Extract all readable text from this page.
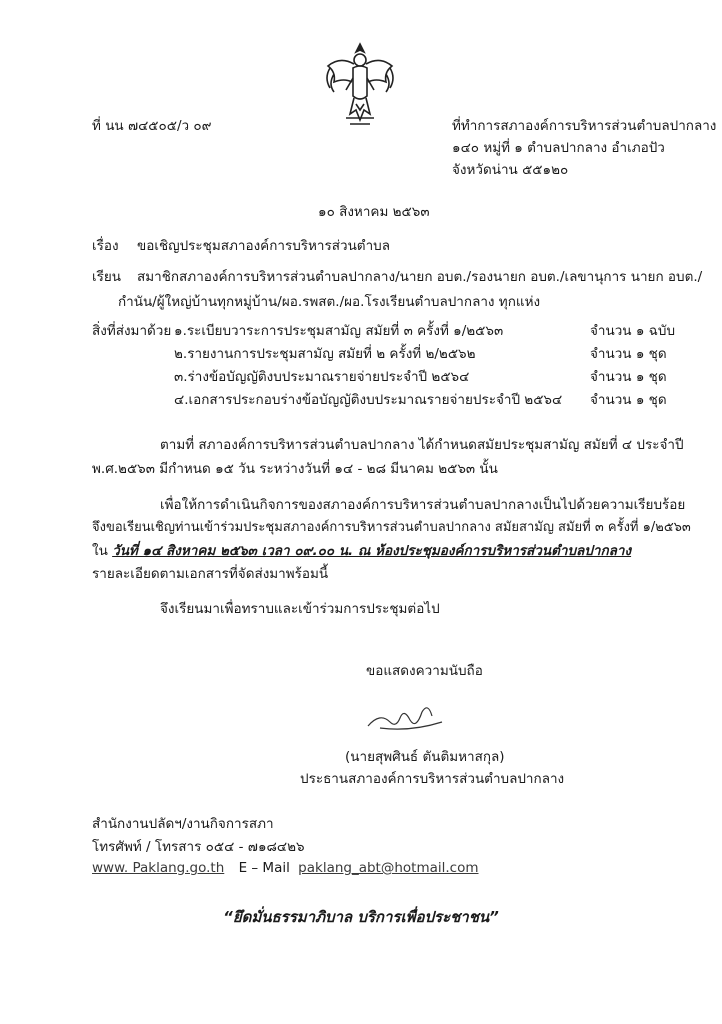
ที่ นน ๗๔๕๐๕/ว ๐๙	ที่ทำการสภาองค์การบริหารส่วนตำบลปากลาง
๑๔๐ หมู่ที่ ๑ ตำบลปากลาง อำเภอปัว
จังหวัดน่าน ๕๕๑๒๐
๑๐ สิงหาคม ๒๕๖๓
เรื่อง ขอเชิญประชุมสภาองค์การบริหารส่วนตำบล
เรียน สมาชิกสภาองค์การบริหารส่วนตำบลปากลาง/นายก อบต./รองนายก อบต./เลขานุการ นายก อบต./
กำนัน/ผู้ใหญ่บ้านทุกหมู่บ้าน/ผอ.รพสต./ผอ.โรงเรียนตำบลปากลาง ทุกแห่ง
สิ่งที่ส่งมาด้วย ๑.ระเบียบวาระการประชุมสามัญ สมัยที่ ๓ ครั้งที่ ๑/๒๕๖๓	จำนวน ๑ ฉบับ
๒.รายงานการประชุมสามัญ สมัยที่ ๒ ครั้งที่ ๒/๒๕๖๒	จำนวน ๑ ชุด
๓.ร่างข้อบัญญัติงบประมาณรายจ่ายประจำปี ๒๕๖๔	จำนวน ๑ ชุด
๔.เอกสารประกอบร่างข้อบัญญัติงบประมาณรายจ่ายประจำปี ๒๕๖๔ จำนวน ๑ ชุด
ตามที่ สภาองค์การบริหารส่วนตำบลปากลาง ได้กำหนดสมัยประชุมสามัญ สมัยที่ ๔ ประจำปี
พ.ศ.๒๕๖๓ มีกำหนด ๑๕ วัน ระหว่างวันที่ ๑๔ - ๒๘ มีนาคม ๒๕๖๓ นั้น
เพื่อให้การดำเนินกิจการของสภาองค์การบริหารส่วนตำบลปากลางเป็นไปด้วยความเรียบร้อย
จึงขอเรียนเชิญท่านเข้าร่วมประชุมสภาองค์การบริหารส่วนตำบลปากลาง สมัยสามัญ สมัยที่ ๓ ครั้งที่ ๑/๒๕๖๓
ใน วันที่ ๑๔ สิงหาคม ๒๕๖๓ เวลา ๐๙.๐๐ น. ณ ห้องประชุมองค์การบริหารส่วนตำบลปากลาง
รายละเอียดตามเอกสารที่จัดส่งมาพร้อมนี้
จึงเรียนมาเพื่อทราบและเข้าร่วมการประชุมต่อไป
ขอแสดงความนับถือ
(นายสุพศินธ์ ตันติมหาสกุล)
ประธานสภาองค์การบริหารส่วนตำบลปากลาง
สำนักงานปลัดฯ/งานกิจการสภา
โทรศัพท์ / โทรสาร ๐๕๔ - ๗๑๘๔๒๖
www. Paklang.go.th E – Mail paklang_abt@hotmail.com
“ยึดมั่นธรรมาภิบาล บริการเพื่อประชาชน”
